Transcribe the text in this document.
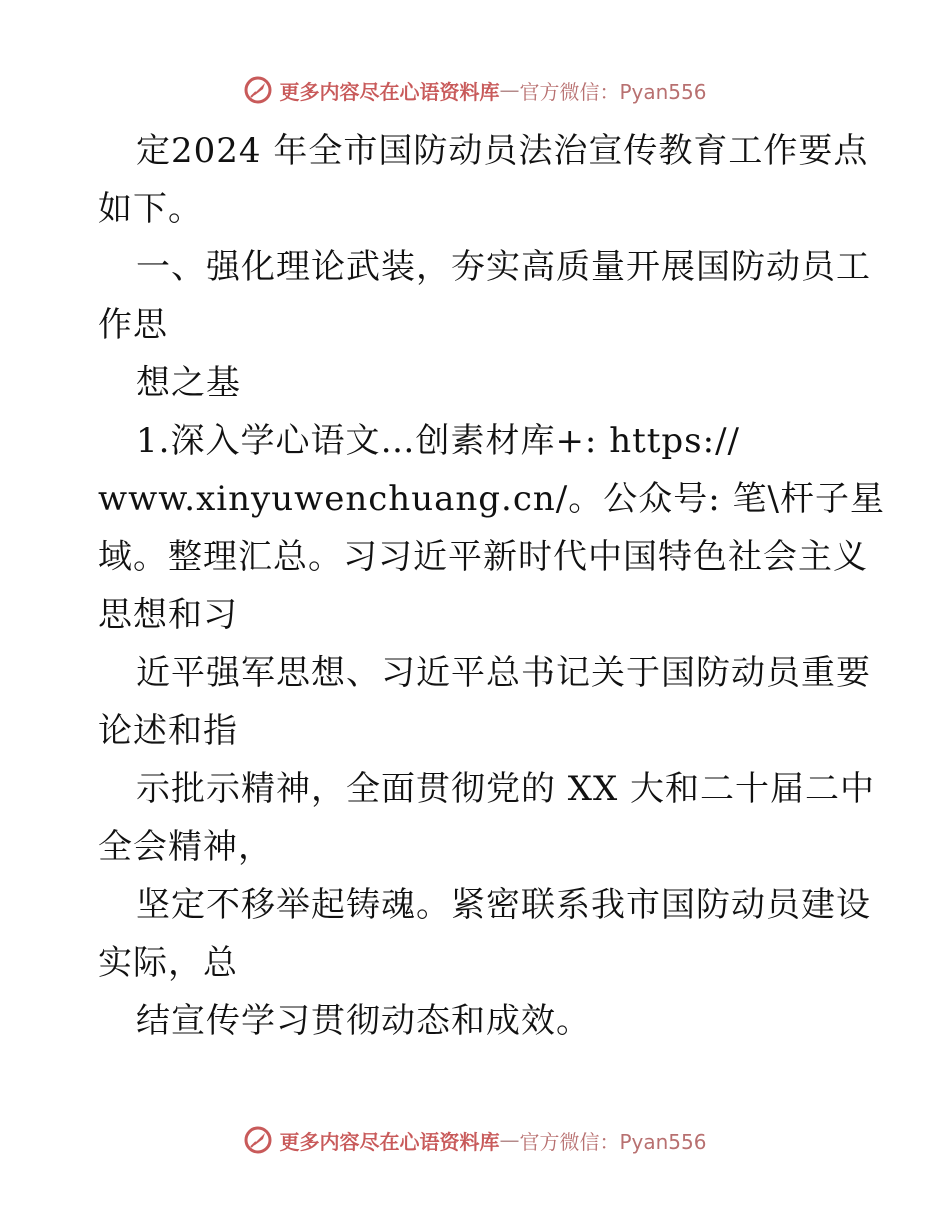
更多内容尽在心语资料库 — 官方微信：Pyan556
定2024 年全市国防动员法治宣传教育工作要点
如下。
一、强化理论武装，夯实高质量开展国防动员工
作思
想之基
1.深入学心语文…创素材库+: https://
www.xinyuwenchuang.cn/。公众号: 笔\杆子星
域。整理汇总。习习近平新时代中国特色社会主义
思想和习
近平强军思想、习近平总书记关于国防动员重要
论述和指
示批示精神，全面贯彻党的 XX 大和二十届二中
全会精神，
坚定不移举起铸魂。紧密联系我市国防动员建设
实际，总
结宣传学习贯彻动态和成效。
更多内容尽在心语资料库 — 官方微信：Pyan556
